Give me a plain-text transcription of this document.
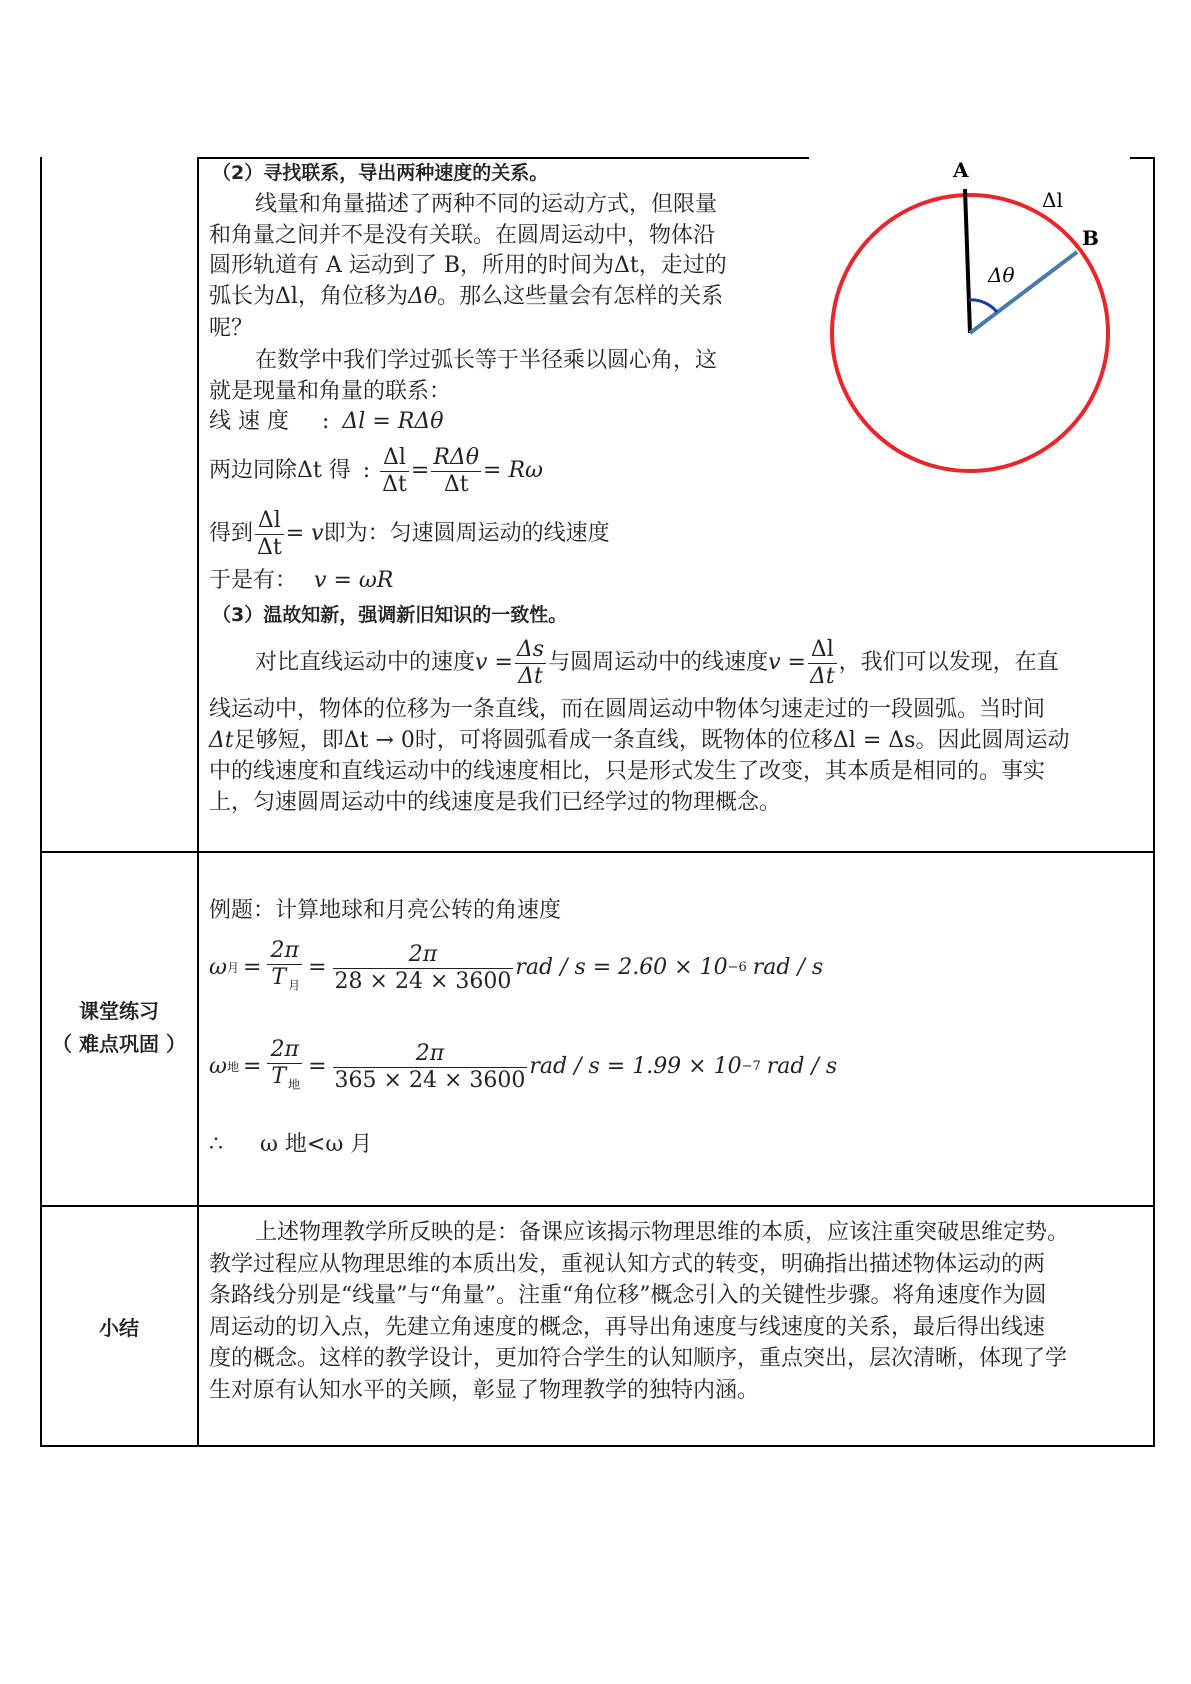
（2）寻找联系，导出两种速度的关系。
线量和角量描述了两种不同的运动方式，但限量
和角量之间并不是没有关联。在圆周运动中，物体沿
圆形轨道有 A 运动到了 B，所用的时间为Δt，走过的
弧长为Δl，角位移为Δθ。那么这些量会有怎样的关系
呢？
在数学中我们学过弧长等于半径乘以圆心角，这
就是现量和角量的联系：
线 速 度 : Δl = RΔθ
两边同除Δt 得 : $\frac{\Delta l}{\Delta t} = \frac{\text{RΔθ}}{\Delta t} = R\omega$
得到 $\frac{\Delta l}{\Delta t} = v$ 即为：匀速圆周运动的线速度
于是有： v = ωR
（3）温故知新，强调新旧知识的一致性。
对比直线运动中的速度 $v = \frac{\Delta s}{\Delta t}$ 与圆周运动中的线速度 $v = \frac{\Delta l}{\Delta t}$ ，我们可以发现，在直
线运动中，物体的位移为一条直线，而在圆周运动中物体匀速走过的一段圆弧。当时间
Δt足够短，即Δt → 0时，可将圆弧看成一条直线，既物体的位移Δl = Δs。因此圆周运动
中的线速度和直线运动中的线速度相比，只是形式发生了改变，其本质是相同的。事实
上，匀速圆周运动中的线速度是我们已经学过的物理概念。
A
B
Δl
Δθ
课堂练习
（ 难点巩固 ）
例题：计算地球和月亮公转的角速度
ω 月 = $\frac{2\pi}{T _月} = \frac{2\pi}{28 \times 24 \times 3600}$ rad / s = 2.60 × 10 −6 rad / s
ω 地 = $\frac{2\pi}{T _地} = \frac{2\pi}{365 \times 24 \times 3600}$ rad / s = 1.99 × 10 −7 rad / s
∴ ω 地<ω 月
小结
上述物理教学所反映的是：备课应该揭示物理思维的本质，应该注重突破思维定势。
教学过程应从物理思维的本质出发，重视认知方式的转变，明确指出描述物体运动的两
条路线分别是“线量”与“角量”。注重“角位移”概念引入的关键性步骤。将角速度作为圆
周运动的切入点，先建立角速度的概念，再导出角速度与线速度的关系，最后得出线速
度的概念。这样的教学设计，更加符合学生的认知顺序，重点突出，层次清晰，体现了学
生对原有认知水平的关顾，彰显了物理教学的独特内涵。
